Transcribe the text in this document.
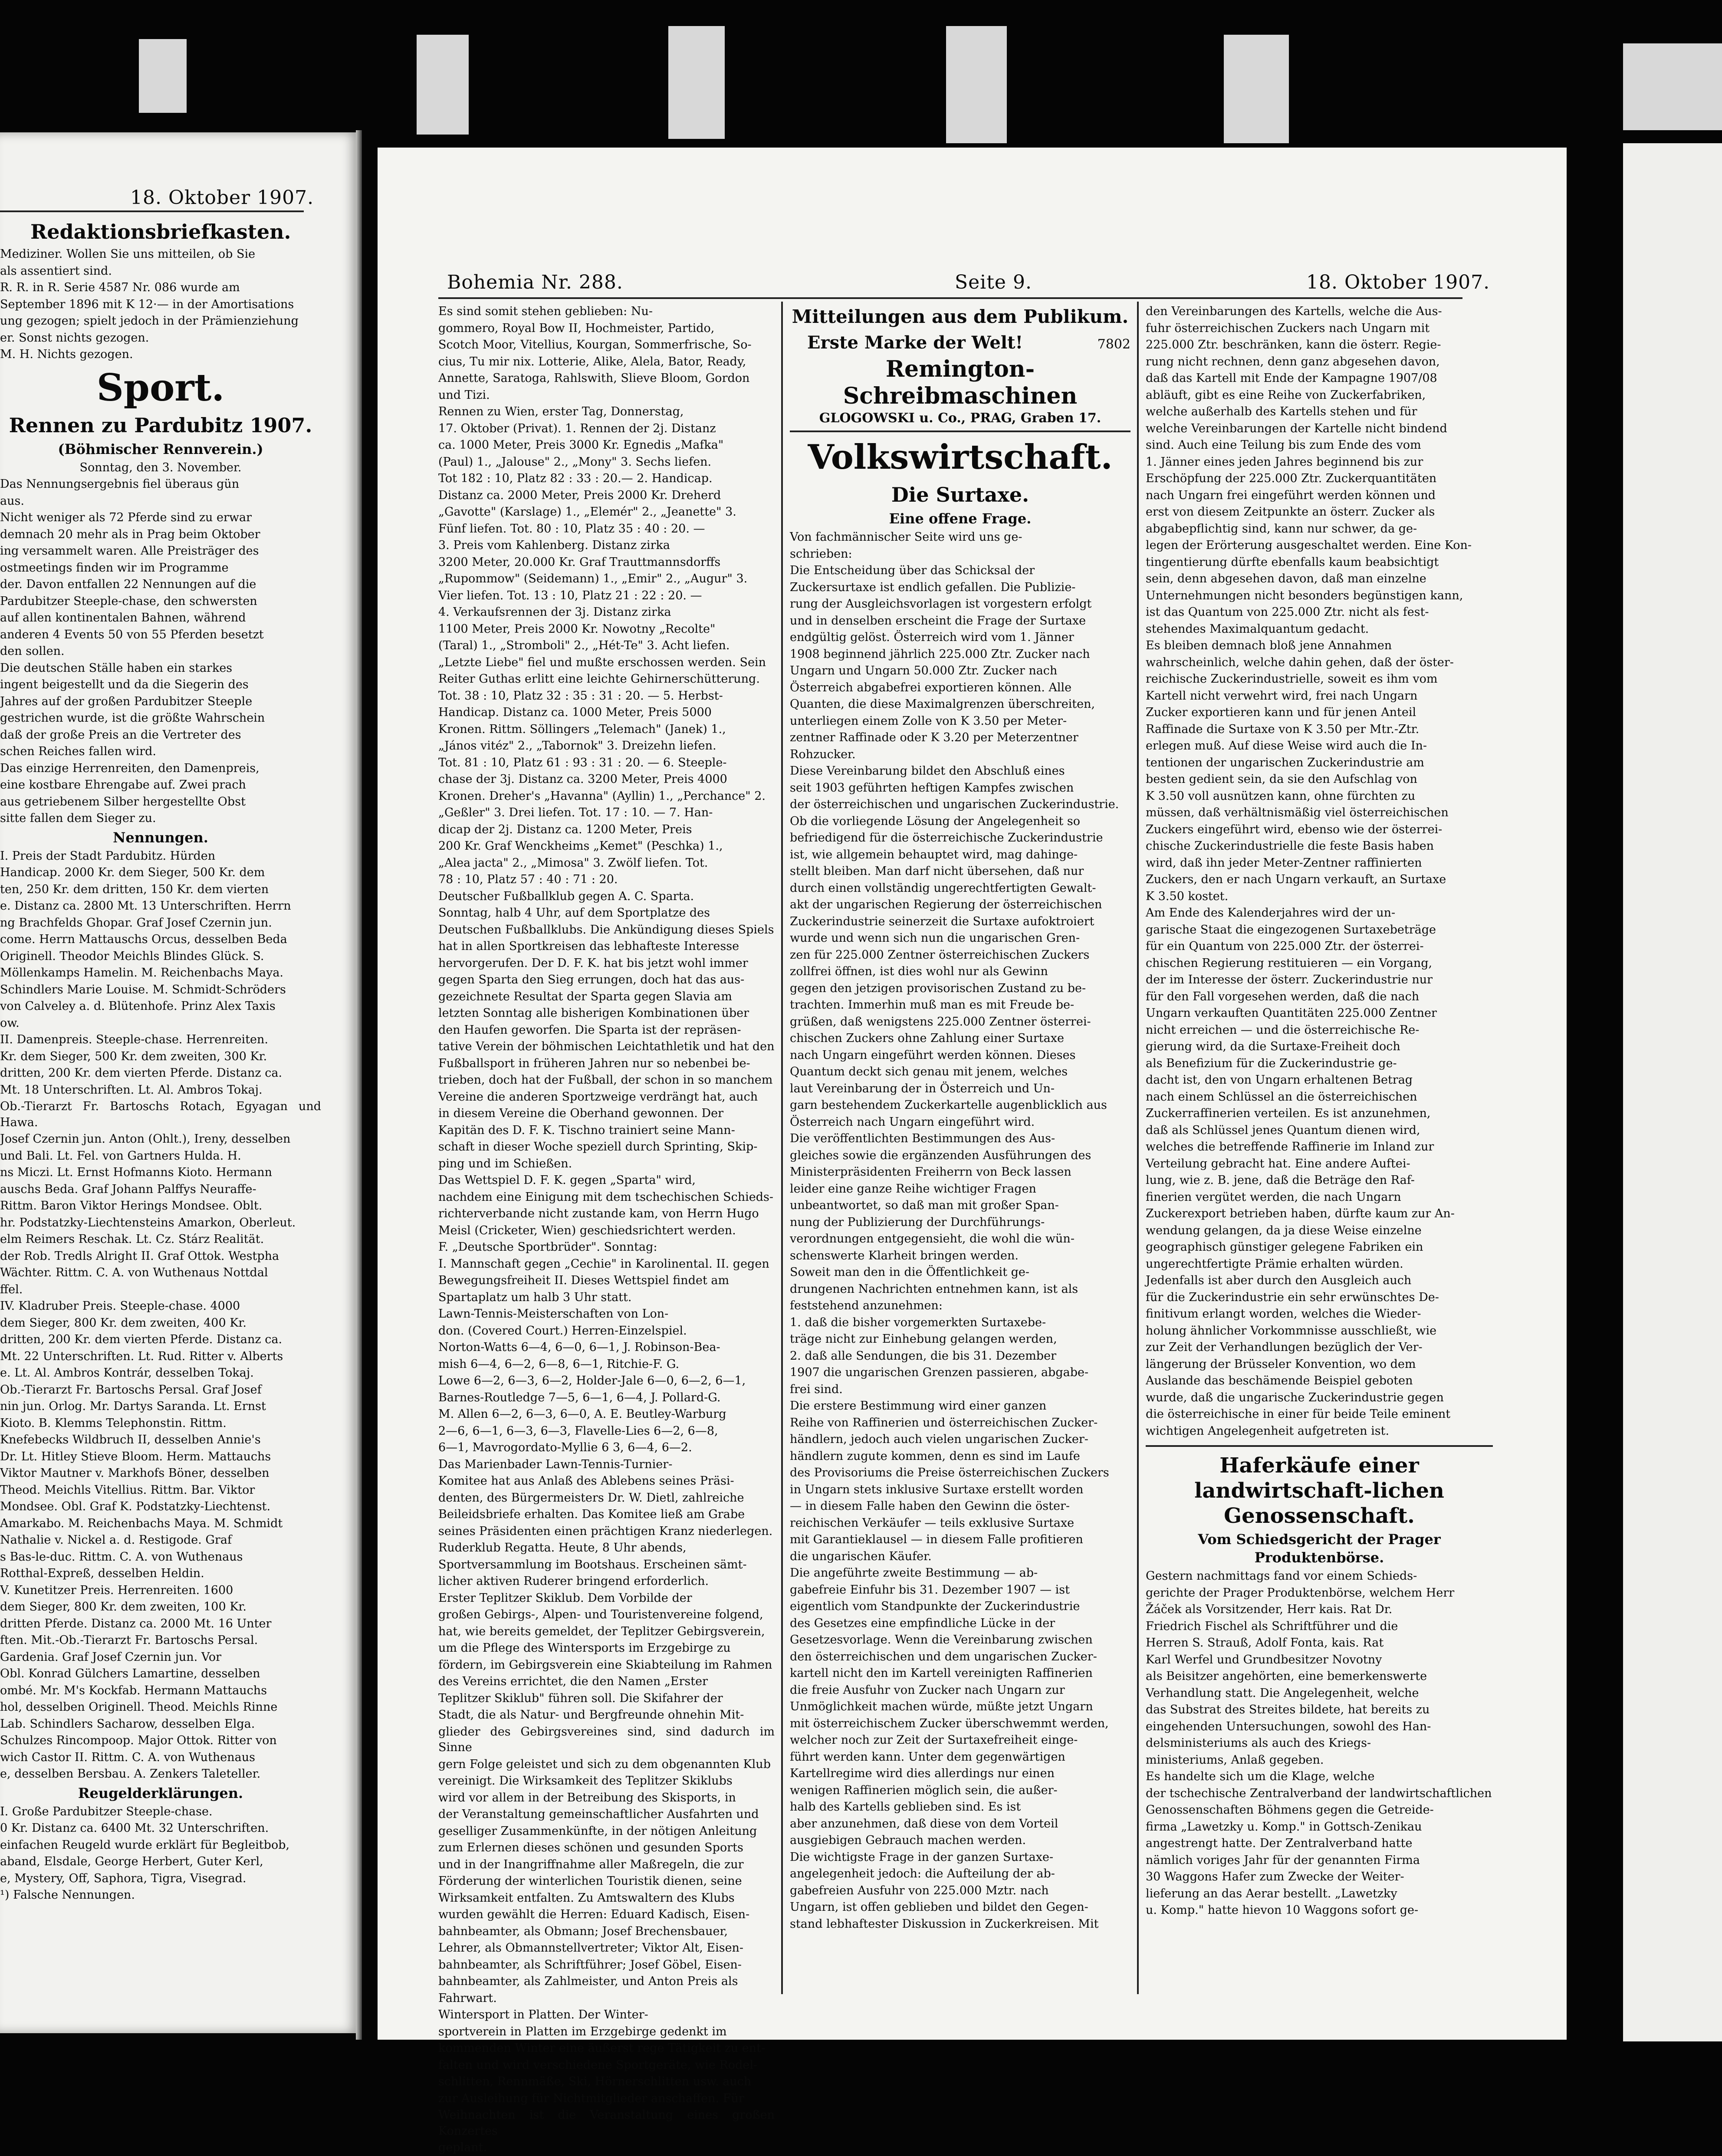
18. Oktober 1907.
Redaktionsbriefkasten.

Mediziner. Wollen Sie uns mitteilen, ob Sie

als assentiert sind.

R. R. in R. Serie 4587 Nr. 086 wurde am

September 1896 mit K 12·— in der Amortisations

ung gezogen; spielt jedoch in der Prämienziehung

er. Sonst nichts gezogen.

M. H. Nichts gezogen.

Sport.
Rennen zu Pardubitz 1907.
(Böhmischer Rennverein.)

Sonntag, den 3. November.

Das Nennungsergebnis fiel überaus gün

aus.

Nicht weniger als 72 Pferde sind zu erwar

demnach 20 mehr als in Prag beim Oktober

ing versammelt waren. Alle Preisträger des

ostmeetings finden wir im Programme

der. Davon entfallen 22 Nennungen auf die

Pardubitzer Steeple-chase, den schwersten

auf allen kontinentalen Bahnen, während

anderen 4 Events 50 von 55 Pferden besetzt

den sollen.

Die deutschen Ställe haben ein starkes

ingent beigestellt und da die Siegerin des

Jahres auf der großen Pardubitzer Steeple

gestrichen wurde, ist die größte Wahrschein

daß der große Preis an die Vertreter des

schen Reiches fallen wird.

Das einzige Herrenreiten, den Damenpreis,

eine kostbare Ehrengabe auf. Zwei prach

aus getriebenem Silber hergestellte Obst

sitte fallen dem Sieger zu.

Nennungen.

I. Preis der Stadt Pardubitz. Hürden

Handicap. 2000 Kr. dem Sieger, 500 Kr. dem

ten, 250 Kr. dem dritten, 150 Kr. dem vierten

e. Distanz ca. 2800 Mt. 13 Unterschriften. Herrn

ng Brachfelds Ghopar. Graf Josef Czernin jun.

come. Herrn Mattauschs Orcus, desselben Beda

Originell. Theodor Meichls Blindes Glück. S.

Möllenkamps Hamelin. M. Reichenbachs Maya.

Schindlers Marie Louise. M. Schmidt-Schröders

von Calveley a. d. Blütenhofe. Prinz Alex Taxis

ow.

II. Damenpreis. Steeple-chase. Herrenreiten.

Kr. dem Sieger, 500 Kr. dem zweiten, 300 Kr.

dritten, 200 Kr. dem vierten Pferde. Distanz ca.

Mt. 18 Unterschriften. Lt. Al. Ambros Tokaj.

Ob.-Tierarzt Fr. Bartoschs Rotach, Egyagan und Hawa.

Josef Czernin jun. Anton (Ohlt.), Ireny, desselben

und Bali. Lt. Fel. von Gartners Hulda. H.

ns Miczi. Lt. Ernst Hofmanns Kioto. Hermann

auschs Beda. Graf Johann Palffys Neuraffe-

Rittm. Baron Viktor Herings Mondsee. Oblt.

hr. Podstatzky-Liechtensteins Amarkon, Oberleut.

elm Reimers Reschak. Lt. Cz. Stárz Realität.

der Rob. Tredls Alright II. Graf Ottok. Westpha

Wächter. Rittm. C. A. von Wuthenaus Nottdal

ffel.

IV. Kladruber Preis. Steeple-chase. 4000

dem Sieger, 800 Kr. dem zweiten, 400 Kr.

dritten, 200 Kr. dem vierten Pferde. Distanz ca.

Mt. 22 Unterschriften. Lt. Rud. Ritter v. Alberts

e. Lt. Al. Ambros Kontrár, desselben Tokaj.

Ob.-Tierarzt Fr. Bartoschs Persal. Graf Josef

nin jun. Orlog. Mr. Dartys Saranda. Lt. Ernst

Kioto. B. Klemms Telephonstin. Rittm.

Knefebecks Wildbruch II, desselben Annie's

Dr. Lt. Hitley Stieve Bloom. Herm. Mattauchs

Viktor Mautner v. Markhofs Böner, desselben

Theod. Meichls Vitellius. Rittm. Bar. Viktor

Mondsee. Obl. Graf K. Podstatzky-Liechtenst.

Amarkabo. M. Reichenbachs Maya. M. Schmidt

Nathalie v. Nickel a. d. Restigode. Graf

s Bas-le-duc. Rittm. C. A. von Wuthenaus

Rotthal-Expreß, desselben Heldin.

V. Kunetitzer Preis. Herrenreiten. 1600

dem Sieger, 800 Kr. dem zweiten, 100 Kr.

dritten Pferde. Distanz ca. 2000 Mt. 16 Unter

ften. Mit.-Ob.-Tierarzt Fr. Bartoschs Persal.

Gardenia. Graf Josef Czernin jun. Vor

Obl. Konrad Gülchers Lamartine, desselben

ombé. Mr. M's Kockfab. Hermann Mattauchs

hol, desselben Originell. Theod. Meichls Rinne

Lab. Schindlers Sacharow, desselben Elga.

Schulzes Rincompoop. Major Ottok. Ritter von

wich Castor II. Rittm. C. A. von Wuthenaus

e, desselben Bersbau. A. Zenkers Taleteller.

Reugelderklärungen.

I. Große Pardubitzer Steeple-chase.

0 Kr. Distanz ca. 6400 Mt. 32 Unterschriften.

einfachen Reugeld wurde erklärt für Begleitbob,

aband, Elsdale, George Herbert, Guter Kerl,

e, Mystery, Off, Saphora, Tigra, Visegrad.

¹) Falsche Nennungen.

Bohemia Nr. 288.	Seite 9.	18. Oktober 1907.

Es sind somit stehen geblieben: Nu-

gommero, Royal Bow II, Hochmeister, Partido,

Scotch Moor, Vitellius, Kourgan, Sommerfrische, So-

cius, Tu mir nix. Lotterie, Alike, Alela, Bator, Ready,

Annette, Saratoga, Rahlswith, Slieve Bloom, Gordon

und Tizi.

Rennen zu Wien, erster Tag, Donnerstag,

17. Oktober (Privat). 1. Rennen der 2j. Distanz

ca. 1000 Meter, Preis 3000 Kr. Egnedis „Mafka"

(Paul) 1., „Jalouse" 2., „Mony" 3. Sechs liefen.

Tot 182 : 10, Platz 82 : 33 : 20.— 2. Handicap.

Distanz ca. 2000 Meter, Preis 2000 Kr. Dreherd

„Gavotte" (Karslage) 1., „Elemér" 2., „Jeanette" 3.

Fünf liefen. Tot. 80 : 10, Platz 35 : 40 : 20. —

3. Preis vom Kahlenberg. Distanz zirka

3200 Meter, 20.000 Kr. Graf Trauttmannsdorffs

„Rupommow" (Seidemann) 1., „Emir" 2., „Augur" 3.

Vier liefen. Tot. 13 : 10, Platz 21 : 22 : 20. —

4. Verkaufsrennen der 3j. Distanz zirka

1100 Meter, Preis 2000 Kr. Nowotny „Recolte"

(Taral) 1., „Stromboli" 2., „Hét-Te" 3. Acht liefen.

„Letzte Liebe" fiel und mußte erschossen werden. Sein

Reiter Guthas erlitt eine leichte Gehirnerschütterung.

Tot. 38 : 10, Platz 32 : 35 : 31 : 20. — 5. Herbst-

Handicap. Distanz ca. 1000 Meter, Preis 5000

Kronen. Rittm. Söllingers „Telemach" (Janek) 1.,

„János vitéz" 2., „Tabornok" 3. Dreizehn liefen.

Tot. 81 : 10, Platz 61 : 93 : 31 : 20. — 6. Steeple-

chase der 3j. Distanz ca. 3200 Meter, Preis 4000

Kronen. Dreher's „Havanna" (Ayllin) 1., „Perchance" 2.

„Geßler" 3. Drei liefen. Tot. 17 : 10. — 7. Han-

dicap der 2j. Distanz ca. 1200 Meter, Preis

200 Kr. Graf Wenckheims „Kemet" (Peschka) 1.,

„Alea jacta" 2., „Mimosa" 3. Zwölf liefen. Tot.

78 : 10, Platz 57 : 40 : 71 : 20.

Deutscher Fußballklub gegen A. C. Sparta.

Sonntag, halb 4 Uhr, auf dem Sportplatze des

Deutschen Fußballklubs. Die Ankündigung dieses Spiels

hat in allen Sportkreisen das lebhafteste Interesse

hervorgerufen. Der D. F. K. hat bis jetzt wohl immer

gegen Sparta den Sieg errungen, doch hat das aus-

gezeichnete Resultat der Sparta gegen Slavia am

letzten Sonntag alle bisherigen Kombinationen über

den Haufen geworfen. Die Sparta ist der repräsen-

tative Verein der böhmischen Leichtathletik und hat den

Fußballsport in früheren Jahren nur so nebenbei be-

trieben, doch hat der Fußball, der schon in so manchem

Vereine die anderen Sportzweige verdrängt hat, auch

in diesem Vereine die Oberhand gewonnen. Der

Kapitän des D. F. K. Tischno trainiert seine Mann-

schaft in dieser Woche speziell durch Sprinting, Skip-

ping und im Schießen.

Das Wettspiel D. F. K. gegen „Sparta" wird,

nachdem eine Einigung mit dem tschechischen Schieds-

richterverbande nicht zustande kam, von Herrn Hugo

Meisl (Cricketer, Wien) geschiedsrichtert werden.

F. „Deutsche Sportbrüder". Sonntag:

I. Mannschaft gegen „Cechie" in Karolinental. II. gegen

Bewegungsfreiheit II. Dieses Wettspiel findet am

Spartaplatz um halb 3 Uhr statt.

Lawn-Tennis-Meisterschaften von Lon-

don. (Covered Court.) Herren-Einzelspiel.

Norton-Watts 6—4, 6—0, 6—1, J. Robinson-Bea-

mish 6—4, 6—2, 6—8, 6—1, Ritchie-F. G.

Lowe 6—2, 6—3, 6—2, Holder-Jale 6—0, 6—2, 6—1,

Barnes-Routledge 7—5, 6—1, 6—4, J. Pollard-G.

M. Allen 6—2, 6—3, 6—0, A. E. Beutley-Warburg

2—6, 6—1, 6—3, 6—3, Flavelle-Lies 6—2, 6—8,

6—1, Mavrogordato-Myllie 6 3, 6—4, 6—2.

Das Marienbader Lawn-Tennis-Turnier-

Komitee hat aus Anlaß des Ablebens seines Präsi-

denten, des Bürgermeisters Dr. W. Dietl, zahlreiche

Beileidsbriefe erhalten. Das Komitee ließ am Grabe

seines Präsidenten einen prächtigen Kranz niederlegen.

Ruderklub Regatta. Heute, 8 Uhr abends,

Sportversammlung im Bootshaus. Erscheinen sämt-

licher aktiven Ruderer bringend erforderlich.

Erster Teplitzer Skiklub. Dem Vorbilde der

großen Gebirgs-, Alpen- und Touristenvereine folgend,

hat, wie bereits gemeldet, der Teplitzer Gebirgsverein,

um die Pflege des Wintersports im Erzgebirge zu

fördern, im Gebirgsverein eine Skiabteilung im Rahmen

des Vereins errichtet, die den Namen „Erster

Teplitzer Skiklub" führen soll. Die Skifahrer der

Stadt, die als Natur- und Bergfreunde ohnehin Mit-

glieder des Gebirgsvereines sind, sind dadurch im Sinne

gern Folge geleistet und sich zu dem obgenannten Klub

vereinigt. Die Wirksamkeit des Teplitzer Skiklubs

wird vor allem in der Betreibung des Skisports, in

der Veranstaltung gemeinschaftlicher Ausfahrten und

geselliger Zusammenkünfte, in der nötigen Anleitung

zum Erlernen dieses schönen und gesunden Sports

und in der Inangriffnahme aller Maßregeln, die zur

Förderung der winterlichen Touristik dienen, seine

Wirksamkeit entfalten. Zu Amtswaltern des Klubs

wurden gewählt die Herren: Eduard Kadisch, Eisen-

bahnbeamter, als Obmann; Josef Brechensbauer,

Lehrer, als Obmannstellvertreter; Viktor Alt, Eisen-

bahnbeamter, als Schriftführer; Josef Göbel, Eisen-

bahnbeamter, als Zahlmeister, und Anton Preis als

Fahrwart.

Wintersport in Platten. Der Winter-

sportverein in Platten im Erzgebirge gedenkt im

kommenden Winter eine äußerst rege Tätigkeit zu ent-

falten und wird verschiedene Sportgeräte, wie Rodel-

schlitten, Rennmäße, Ski, Hörnerschlitten usw. auch

zur Ausleihung für Nichtmitglieder anschaffen. Für

Weihnachten ist die Veranstaltung eines großen Konzertes

geplant.

Mitteilungen aus dem Publikum.
Erste Marke der Welt!	7802
Remington-Schreibmaschinen
GLOGOWSKI u. Co., PRAG, Graben 17.
Volkswirtschaft.
Die Surtaxe.
Eine offene Frage.

Von fachmännischer Seite wird uns ge-

schrieben:

Die Entscheidung über das Schicksal der

Zuckersurtaxe ist endlich gefallen. Die Publizie-

rung der Ausgleichsvorlagen ist vorgestern erfolgt

und in denselben erscheint die Frage der Surtaxe

endgültig gelöst. Österreich wird vom 1. Jänner

1908 beginnend jährlich 225.000 Ztr. Zucker nach

Ungarn und Ungarn 50.000 Ztr. Zucker nach

Österreich abgabefrei exportieren können. Alle

Quanten, die diese Maximalgrenzen überschreiten,

unterliegen einem Zolle von K 3.50 per Meter-

zentner Raffinade oder K 3.20 per Meterzentner

Rohzucker.

Diese Vereinbarung bildet den Abschluß eines

seit 1903 geführten heftigen Kampfes zwischen

der österreichischen und ungarischen Zuckerindustrie.

Ob die vorliegende Lösung der Angelegenheit so

befriedigend für die österreichische Zuckerindustrie

ist, wie allgemein behauptet wird, mag dahinge-

stellt bleiben. Man darf nicht übersehen, daß nur

durch einen vollständig ungerechtfertigten Gewalt-

akt der ungarischen Regierung der österreichischen

Zuckerindustrie seinerzeit die Surtaxe aufoktroiert

wurde und wenn sich nun die ungarischen Gren-

zen für 225.000 Zentner österreichischen Zuckers

zollfrei öffnen, ist dies wohl nur als Gewinn

gegen den jetzigen provisorischen Zustand zu be-

trachten. Immerhin muß man es mit Freude be-

grüßen, daß wenigstens 225.000 Zentner österrei-

chischen Zuckers ohne Zahlung einer Surtaxe

nach Ungarn eingeführt werden können. Dieses

Quantum deckt sich genau mit jenem, welches

laut Vereinbarung der in Österreich und Un-

garn bestehendem Zuckerkartelle augenblicklich aus

Österreich nach Ungarn eingeführt wird.

Die veröffentlichten Bestimmungen des Aus-

gleiches sowie die ergänzenden Ausführungen des

Ministerpräsidenten Freiherrn von Beck lassen

leider eine ganze Reihe wichtiger Fragen

unbeantwortet, so daß man mit großer Span-

nung der Publizierung der Durchführungs-

verordnungen entgegensieht, die wohl die wün-

schenswerte Klarheit bringen werden.

Soweit man den in die Öffentlichkeit ge-

drungenen Nachrichten entnehmen kann, ist als

feststehend anzunehmen:

1. daß die bisher vorgemerkten Surtaxebe-

träge nicht zur Einhebung gelangen werden,

2. daß alle Sendungen, die bis 31. Dezember

1907 die ungarischen Grenzen passieren, abgabe-

frei sind.

Die erstere Bestimmung wird einer ganzen

Reihe von Raffinerien und österreichischen Zucker-

händlern, jedoch auch vielen ungarischen Zucker-

händlern zugute kommen, denn es sind im Laufe

des Provisoriums die Preise österreichischen Zuckers

in Ungarn stets inklusive Surtaxe erstellt worden

— in diesem Falle haben den Gewinn die öster-

reichischen Verkäufer — teils exklusive Surtaxe

mit Garantieklausel — in diesem Falle profitieren

die ungarischen Käufer.

Die angeführte zweite Bestimmung — ab-

gabefreie Einfuhr bis 31. Dezember 1907 — ist

eigentlich vom Standpunkte der Zuckerindustrie

des Gesetzes eine empfindliche Lücke in der

Gesetzesvorlage. Wenn die Vereinbarung zwischen

den österreichischen und dem ungarischen Zucker-

kartell nicht den im Kartell vereinigten Raffinerien

die freie Ausfuhr von Zucker nach Ungarn zur

Unmöglichkeit machen würde, müßte jetzt Ungarn

mit österreichischem Zucker überschwemmt werden,

welcher noch zur Zeit der Surtaxefreiheit einge-

führt werden kann. Unter dem gegenwärtigen

Kartellregime wird dies allerdings nur einen

wenigen Raffinerien möglich sein, die außer-

halb des Kartells geblieben sind. Es ist

aber anzunehmen, daß diese von dem Vorteil

ausgiebigen Gebrauch machen werden.

Die wichtigste Frage in der ganzen Surtaxe-

angelegenheit jedoch: die Aufteilung der ab-

gabefreien Ausfuhr von 225.000 Mztr. nach

Ungarn, ist offen geblieben und bildet den Gegen-

stand lebhaftester Diskussion in Zuckerkreisen. Mit

den Vereinbarungen des Kartells, welche die Aus-

fuhr österreichischen Zuckers nach Ungarn mit

225.000 Ztr. beschränken, kann die österr. Regie-

rung nicht rechnen, denn ganz abgesehen davon,

daß das Kartell mit Ende der Kampagne 1907/08

abläuft, gibt es eine Reihe von Zuckerfabriken,

welche außerhalb des Kartells stehen und für

welche Vereinbarungen der Kartelle nicht bindend

sind. Auch eine Teilung bis zum Ende des vom

1. Jänner eines jeden Jahres beginnend bis zur

Erschöpfung der 225.000 Ztr. Zuckerquantitäten

nach Ungarn frei eingeführt werden können und

erst von diesem Zeitpunkte an österr. Zucker als

abgabepflichtig sind, kann nur schwer, da ge-

legen der Erörterung ausgeschaltet werden. Eine Kon-

tingentierung dürfte ebenfalls kaum beabsichtigt

sein, denn abgesehen davon, daß man einzelne

Unternehmungen nicht besonders begünstigen kann,

ist das Quantum von 225.000 Ztr. nicht als fest-

stehendes Maximalquantum gedacht.

Es bleiben demnach bloß jene Annahmen

wahrscheinlich, welche dahin gehen, daß der öster-

reichische Zuckerindustrielle, soweit es ihm vom

Kartell nicht verwehrt wird, frei nach Ungarn

Zucker exportieren kann und für jenen Anteil

Raffinade die Surtaxe von K 3.50 per Mtr.-Ztr.

erlegen muß. Auf diese Weise wird auch die In-

tentionen der ungarischen Zuckerindustrie am

besten gedient sein, da sie den Aufschlag von

K 3.50 voll ausnützen kann, ohne fürchten zu

müssen, daß verhältnismäßig viel österreichischen

Zuckers eingeführt wird, ebenso wie der österrei-

chische Zuckerindustrielle die feste Basis haben

wird, daß ihn jeder Meter-Zentner raffinierten

Zuckers, den er nach Ungarn verkauft, an Surtaxe

K 3.50 kostet.

Am Ende des Kalenderjahres wird der un-

garische Staat die eingezogenen Surtaxebeträge

für ein Quantum von 225.000 Ztr. der österrei-

chischen Regierung restituieren — ein Vorgang,

der im Interesse der österr. Zuckerindustrie nur

für den Fall vorgesehen werden, daß die nach

Ungarn verkauften Quantitäten 225.000 Zentner

nicht erreichen — und die österreichische Re-

gierung wird, da die Surtaxe-Freiheit doch

als Benefizium für die Zuckerindustrie ge-

dacht ist, den von Ungarn erhaltenen Betrag

nach einem Schlüssel an die österreichischen

Zuckerraffinerien verteilen. Es ist anzunehmen,

daß als Schlüssel jenes Quantum dienen wird,

welches die betreffende Raffinerie im Inland zur

Verteilung gebracht hat. Eine andere Auftei-

lung, wie z. B. jene, daß die Beträge den Raf-

finerien vergütet werden, die nach Ungarn

Zuckerexport betrieben haben, dürfte kaum zur An-

wendung gelangen, da ja diese Weise einzelne

geographisch günstiger gelegene Fabriken ein

ungerechtfertigte Prämie erhalten würden.

Jedenfalls ist aber durch den Ausgleich auch

für die Zuckerindustrie ein sehr erwünschtes De-

finitivum erlangt worden, welches die Wieder-

holung ähnlicher Vorkommnisse ausschließt, wie

zur Zeit der Verhandlungen bezüglich der Ver-

längerung der Brüsseler Konvention, wo dem

Auslande das beschämende Beispiel geboten

wurde, daß die ungarische Zuckerindustrie gegen

die österreichische in einer für beide Teile eminent

wichtigen Angelegenheit aufgetreten ist.

Haferkäufe einer landwirtschaft-lichen Genossenschaft.
Vom Schiedsgericht der Prager Produktenbörse.

Gestern nachmittags fand vor einem Schieds-

gerichte der Prager Produktenbörse, welchem Herr

Žáček als Vorsitzender, Herr kais. Rat Dr.

Friedrich Fischel als Schriftführer und die

Herren S. Strauß, Adolf Fonta, kais. Rat

Karl Werfel und Grundbesitzer Novotny

als Beisitzer angehörten, eine bemerkenswerte

Verhandlung statt. Die Angelegenheit, welche

das Substrat des Streites bildete, hat bereits zu

eingehenden Untersuchungen, sowohl des Han-

delsministeriums als auch des Kriegs-

ministeriums, Anlaß gegeben.

Es handelte sich um die Klage, welche

der tschechische Zentralverband der landwirtschaftlichen

Genossenschaften Böhmens gegen die Getreide-

firma „Lawetzky u. Komp." in Gottsch-Zenikau

angestrengt hatte. Der Zentralverband hatte

nämlich voriges Jahr für der genannten Firma

30 Waggons Hafer zum Zwecke der Weiter-

lieferung an das Aerar bestellt. „Lawetzky

u. Komp." hatte hievon 10 Waggons sofort ge-
